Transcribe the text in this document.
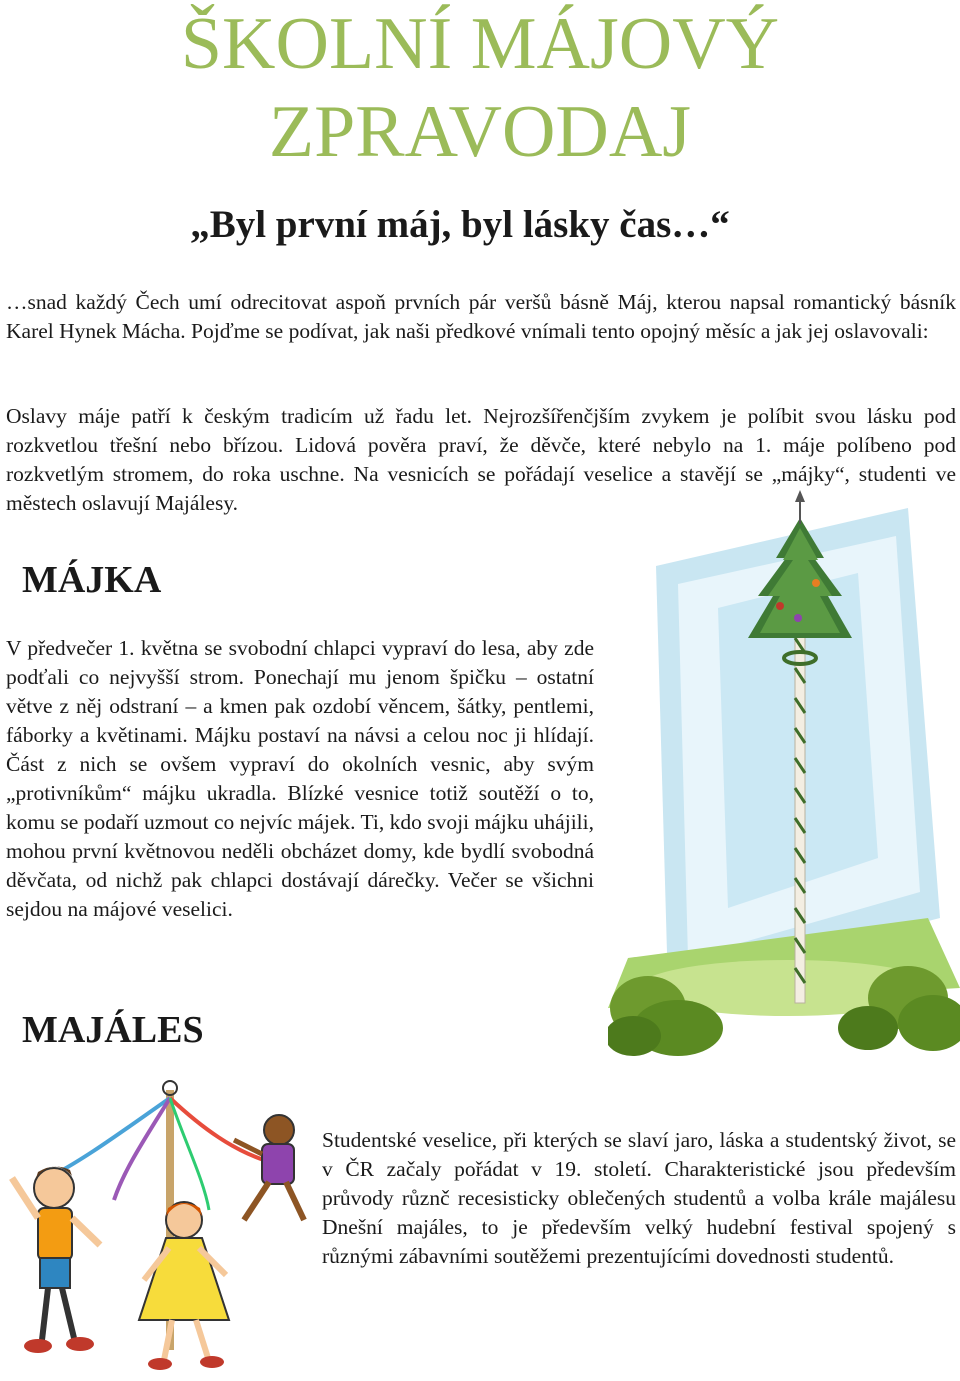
ŠKOLNÍ MÁJOVÝ
ZPRAVODAJ
„Byl první máj, byl lásky čas…“

…snad každý Čech umí odrecitovat aspoň prvních pár veršů básně Máj, kterou napsal romantický básník Karel Hynek Mácha. Pojďme se podívat, jak naši předkové vnímali tento opojný měsíc a jak jej oslavovali:

Oslavy máje patří k českým tradicím už řadu let. Nejrozšířenčjším zvykem je políbit svou lásku pod rozkvetlou třešní nebo břízou. Lidová pověra praví, že děvče, které nebylo na 1. máje políbeno pod rozkvetlým stromem, do roka uschne. Na vesnicích se pořádají veselice a stavějí se „májky“, studenti ve městech oslavují Majálesy.

MÁJKA

V předvečer 1. května se svobodní chlapci vypraví do lesa, aby zde podťali co nejvyšší strom. Ponechají mu jenom špičku – ostatní větve z něj odstraní – a kmen pak ozdobí věncem, šátky, pentlemi, fáborky a květinami. Májku postaví na návsi a celou noc ji hlídají. Část z nich se ovšem vypraví do okolních vesnic, aby svým „protivníkům“ májku ukradla. Blízké vesnice totiž soutěží o to, komu se podaří uzmout co nejvíc májek. Ti, kdo svoji májku uhájili, mohou první květnovou neděli obcházet domy, kde bydlí svobodná děvčata, od nichž pak chlapci dostávají dárečky. Večer se všichni sejdou na májové veselici.

MAJÁLES

Studentské veselice, při kterých se slaví jaro, láska a studentský život, se v ČR začaly pořádat v 19. století. Charakteristické jsou především průvody různč recesisticky oblečených studentů a volba krále majálesu Dnešní majáles, to je především velký hudební festival spojený s různými zábavními soutěžemi prezentujícími dovednosti studentů.
